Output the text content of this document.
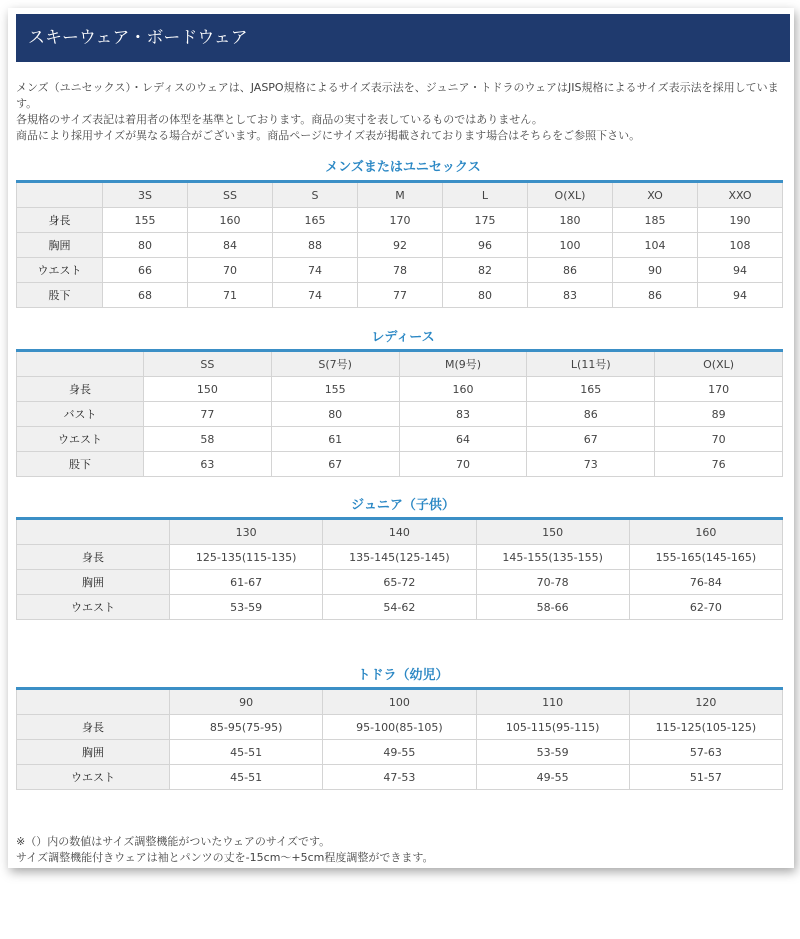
スキーウェア・ボードウェア

メンズ（ユニセックス）・レディスのウェアは、JASPO規格によるサイズ表示法を、ジュニア・トドラのウェアはJIS規格によるサイズ表示法を採用しています。

各規格のサイズ表記は着用者の体型を基準としております。商品の実寸を表しているものではありません。

商品により採用サイズが異なる場合がございます。商品ページにサイズ表が掲載されております場合はそちらをご参照下さい。

メンズまたはユニセックス
	3S	SS	S	M	L	O(XL)	XO	XXO
身長	155	160	165	170	175	180	185	190
胸囲	80	84	88	92	96	100	104	108
ウエスト	66	70	74	78	82	86	90	94
股下	68	71	74	77	80	83	86	94
レディース
	SS	S(7号)	M(9号)	L(11号)	O(XL)
身長	150	155	160	165	170
バスト	77	80	83	86	89
ウエスト	58	61	64	67	70
股下	63	67	70	73	76
ジュニア（子供）
	130	140	150	160
身長	125-135(115-135)	135-145(125-145)	145-155(135-155)	155-165(145-165)
胸囲	61-67	65-72	70-78	76-84
ウエスト	53-59	54-62	58-66	62-70
トドラ（幼児）
	90	100	110	120
身長	85-95(75-95)	95-100(85-105)	105-115(95-115)	115-125(105-125)
胸囲	45-51	49-55	53-59	57-63
ウエスト	45-51	47-53	49-55	51-57

※（）内の数値はサイズ調整機能がついたウェアのサイズです。

サイズ調整機能付きウェアは袖とパンツの丈を-15cm～+5cm程度調整ができます。
